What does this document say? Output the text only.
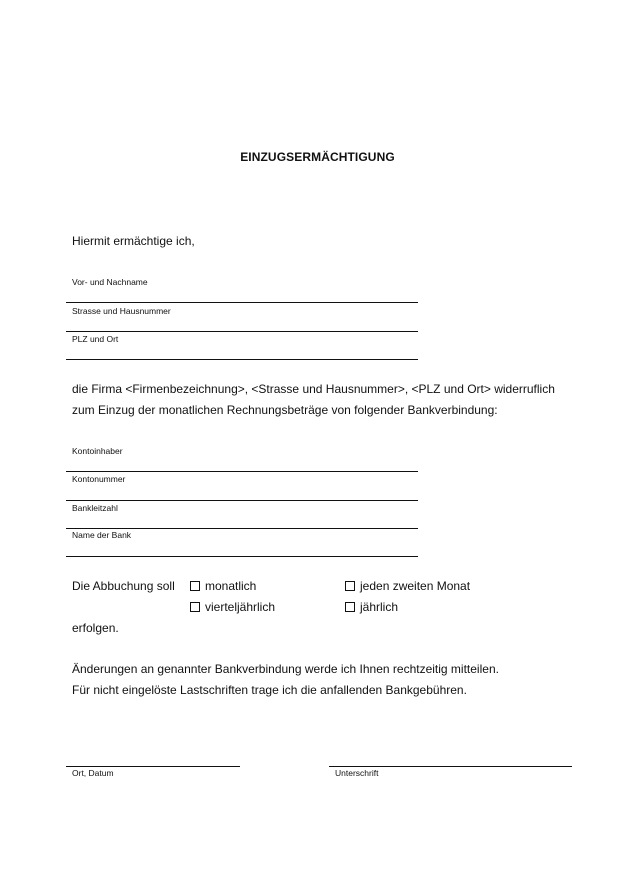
EINZUGSERMÄCHTIGUNG
Hiermit ermächtige ich,
Vor- und Nachname
Strasse und Hausnummer
PLZ und Ort
die Firma <Firmenbezeichnung>, <Strasse und Hausnummer>, <PLZ und Ort> widerruflich
zum Einzug der monatlichen Rechnungsbeträge von folgender Bankverbindung:
Kontoinhaber
Kontonummer
Bankleitzahl
Name der Bank
Die Abbuchung soll	monatlich	jeden zweiten Monat
vierteljährlich	jährlich
erfolgen.
Änderungen an genannter Bankverbindung werde ich Ihnen rechtzeitig mitteilen.
Für nicht eingelöste Lastschriften trage ich die anfallenden Bankgebühren.
Ort, Datum	Unterschrift
